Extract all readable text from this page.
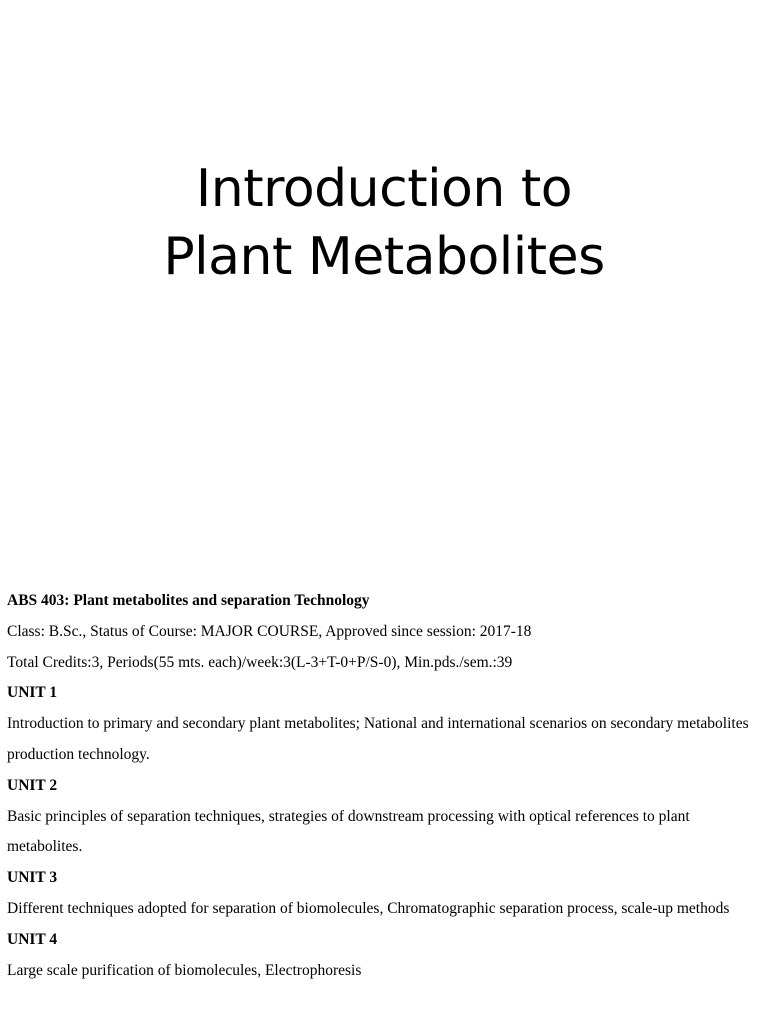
Introduction to
Plant Metabolites
ABS 403: Plant metabolites and separation Technology
Class: B.Sc., Status of Course: MAJOR COURSE, Approved since session: 2017-18
Total Credits:3, Periods(55 mts. each)/week:3(L-3+T-0+P/S-0), Min.pds./sem.:39
UNIT 1
Introduction to primary and secondary plant metabolites; National and international scenarios on secondary metabolites production technology.
UNIT 2
Basic principles of separation techniques, strategies of downstream processing with optical references to plant metabolites.
UNIT 3
Different techniques adopted for separation of biomolecules, Chromatographic separation process, scale-up methods
UNIT 4
Large scale purification of biomolecules, Electrophoresis
